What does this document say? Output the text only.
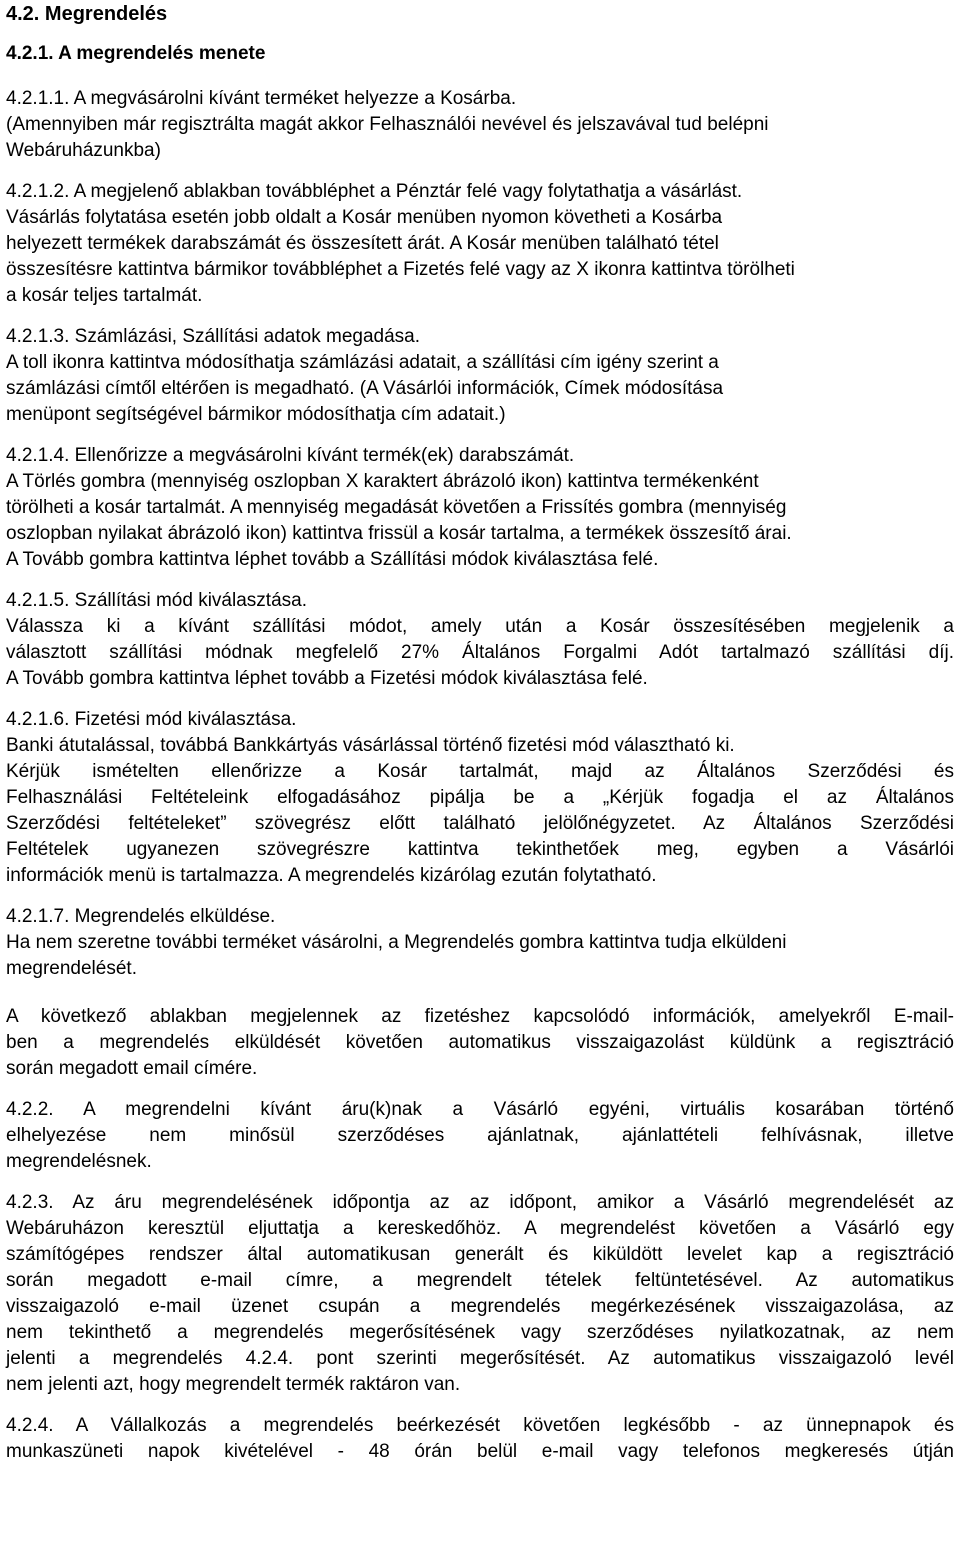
4.2. Megrendelés
4.2.1. A megrendelés menete
4.2.1.1. A megvásárolni kívánt terméket helyezze a Kosárba.
(Amennyiben már regisztrálta magát akkor Felhasználói nevével és jelszavával tud belépni
Webáruházunkba)
4.2.1.2. A megjelenő ablakban továbbléphet a Pénztár felé vagy folytathatja a vásárlást.
Vásárlás folytatása esetén jobb oldalt a Kosár menüben nyomon követheti a Kosárba
helyezett termékek darabszámát és összesített árát. A Kosár menüben található tétel
összesítésre kattintva bármikor továbbléphet a Fizetés felé vagy az X ikonra kattintva törölheti
a kosár teljes tartalmát.
4.2.1.3. Számlázási, Szállítási adatok megadása.
A toll ikonra kattintva módosíthatja számlázási adatait, a szállítási cím igény szerint a
számlázási címtől eltérően is megadható. (A Vásárlói információk, Címek módosítása
menüpont segítségével bármikor módosíthatja cím adatait.)
4.2.1.4. Ellenőrizze a megvásárolni kívánt termék(ek) darabszámát.
A Törlés gombra (mennyiség oszlopban X karaktert ábrázoló ikon) kattintva termékenként
törölheti a kosár tartalmát. A mennyiség megadását követően a Frissítés gombra (mennyiség
oszlopban nyilakat ábrázoló ikon) kattintva frissül a kosár tartalma, a termékek összesítő árai.
A Tovább gombra kattintva léphet tovább a Szállítási módok kiválasztása felé.
4.2.1.5. Szállítási mód kiválasztása.
Válassza ki a kívánt szállítási módot, amely után a Kosár összesítésében megjelenik a
választott szállítási módnak megfelelő 27% Általános Forgalmi Adót tartalmazó szállítási díj.
A Tovább gombra kattintva léphet tovább a Fizetési módok kiválasztása felé.
4.2.1.6. Fizetési mód kiválasztása.
Banki átutalással, továbbá Bankkártyás vásárlással történő fizetési mód választható ki.
Kérjük ismételten ellenőrizze a Kosár tartalmát, majd az Általános Szerződési és
Felhasználási Feltételeink elfogadásához pipálja be a „Kérjük fogadja el az Általános
Szerződési feltételeket” szövegrész előtt található jelölőnégyzetet. Az Általános Szerződési
Feltételek ugyanezen szövegrészre kattintva tekinthetőek meg, egyben a Vásárlói
információk menü is tartalmazza. A megrendelés kizárólag ezután folytatható.
4.2.1.7. Megrendelés elküldése.
Ha nem szeretne további terméket vásárolni, a Megrendelés gombra kattintva tudja elküldeni
megrendelését.
A következő ablakban megjelennek az fizetéshez kapcsolódó információk, amelyekről E-mail-
ben a megrendelés elküldését követően automatikus visszaigazolást küldünk a regisztráció
során megadott email címére.
4.2.2. A megrendelni kívánt áru(k)nak a Vásárló egyéni, virtuális kosarában történő
elhelyezése nem minősül szerződéses ajánlatnak, ajánlattételi felhívásnak, illetve
megrendelésnek.
4.2.3. Az áru megrendelésének időpontja az az időpont, amikor a Vásárló megrendelését az
Webáruházon keresztül eljuttatja a kereskedőhöz. A megrendelést követően a Vásárló egy
számítógépes rendszer által automatikusan generált és kiküldött levelet kap a regisztráció
során megadott e-mail címre, a megrendelt tételek feltüntetésével. Az automatikus
visszaigazoló e-mail üzenet csupán a megrendelés megérkezésének visszaigazolása, az
nem tekinthető a megrendelés megerősítésének vagy szerződéses nyilatkozatnak, az nem
jelenti a megrendelés 4.2.4. pont szerinti megerősítését. Az automatikus visszaigazoló levél
nem jelenti azt, hogy megrendelt termék raktáron van.
4.2.4. A Vállalkozás a megrendelés beérkezését követően legkésőbb - az ünnepnapok és
munkaszüneti napok kivételével - 48 órán belül e-mail vagy telefonos megkeresés útján
